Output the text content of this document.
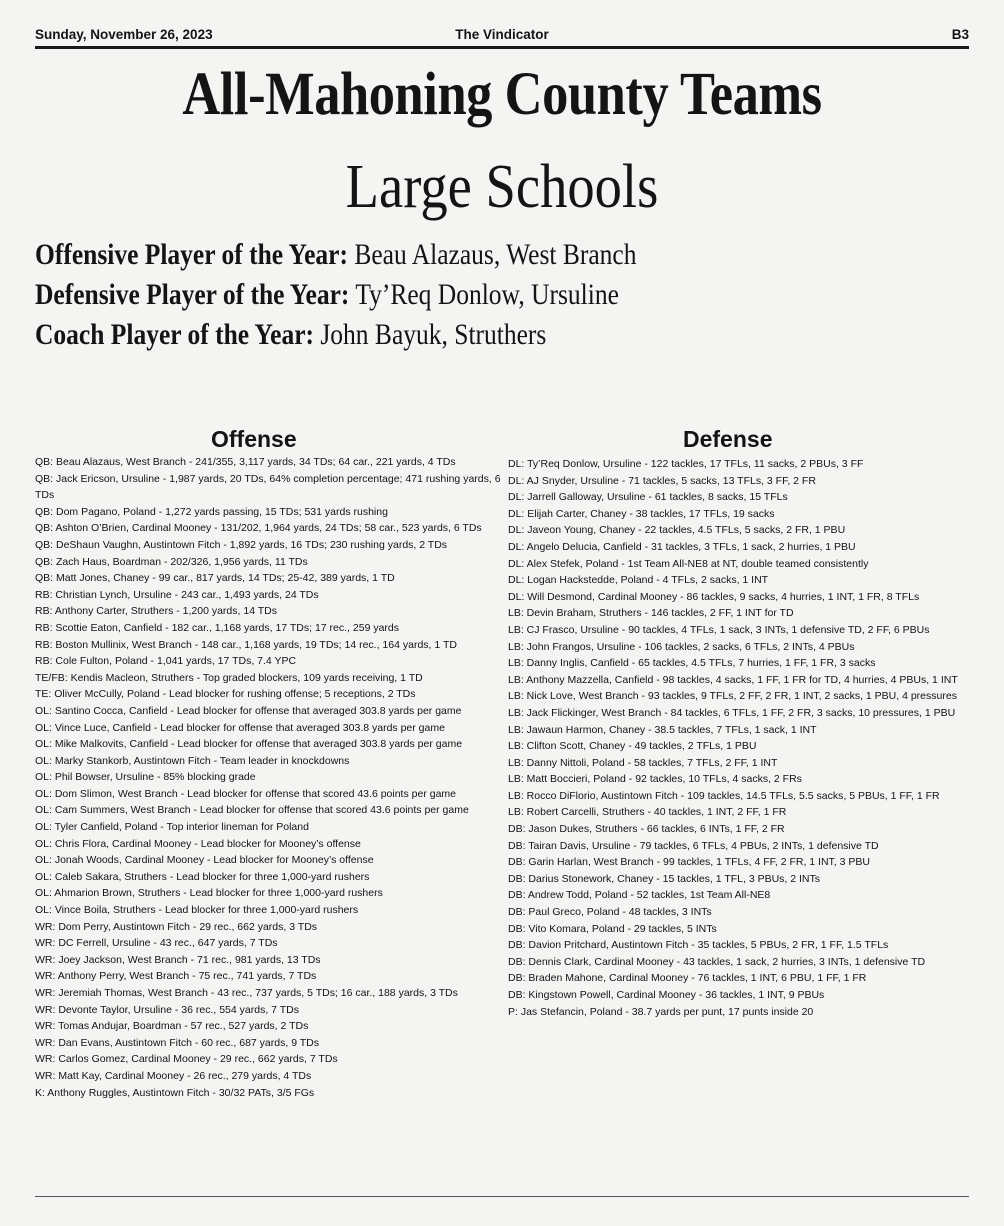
Sunday, November 26, 2023	The Vindicator	B3
All-Mahoning County Teams
Large Schools
Offensive Player of the Year: Beau Alazaus, West Branch
Defensive Player of the Year: Ty’Req Donlow, Ursuline
Coach Player of the Year: John Bayuk, Struthers
Offense
QB: Beau Alazaus, West Branch - 241/355, 3,117 yards, 34 TDs; 64 car., 221 yards, 4 TDs
QB: Jack Ericson, Ursuline - 1,987 yards, 20 TDs, 64% completion percentage; 471 rushing yards, 6 TDs
QB: Dom Pagano, Poland - 1,272 yards passing, 15 TDs; 531 yards rushing
QB: Ashton O’Brien, Cardinal Mooney - 131/202, 1,964 yards, 24 TDs; 58 car., 523 yards, 6 TDs
QB: DeShaun Vaughn, Austintown Fitch - 1,892 yards, 16 TDs; 230 rushing yards, 2 TDs
QB: Zach Haus, Boardman - 202/326, 1,956 yards, 11 TDs
QB: Matt Jones, Chaney - 99 car., 817 yards, 14 TDs; 25-42, 389 yards, 1 TD
RB: Christian Lynch, Ursuline - 243 car., 1,493 yards, 24 TDs
RB: Anthony Carter, Struthers - 1,200 yards, 14 TDs
RB: Scottie Eaton, Canfield - 182 car., 1,168 yards, 17 TDs; 17 rec., 259 yards
RB: Boston Mullinix, West Branch - 148 car., 1,168 yards, 19 TDs; 14 rec., 164 yards, 1 TD
RB: Cole Fulton, Poland - 1,041 yards, 17 TDs, 7.4 YPC
TE/FB: Kendis Macleon, Struthers - Top graded blockers, 109 yards receiving, 1 TD
TE: Oliver McCully, Poland - Lead blocker for rushing offense; 5 receptions, 2 TDs
OL: Santino Cocca, Canfield - Lead blocker for offense that averaged 303.8 yards per game
OL: Vince Luce, Canfield - Lead blocker for offense that averaged 303.8 yards per game
OL: Mike Malkovits, Canfield - Lead blocker for offense that averaged 303.8 yards per game
OL: Marky Stankorb, Austintown Fitch - Team leader in knockdowns
OL: Phil Bowser, Ursuline - 85% blocking grade
OL: Dom Slimon, West Branch - Lead blocker for offense that scored 43.6 points per game
OL: Cam Summers, West Branch - Lead blocker for offense that scored 43.6 points per game
OL: Tyler Canfield, Poland - Top interior lineman for Poland
OL: Chris Flora, Cardinal Mooney - Lead blocker for Mooney’s offense
OL: Jonah Woods, Cardinal Mooney - Lead blocker for Mooney’s offense
OL: Caleb Sakara, Struthers - Lead blocker for three 1,000-yard rushers
OL: Ahmarion Brown, Struthers - Lead blocker for three 1,000-yard rushers
OL: Vince Boila, Struthers - Lead blocker for three 1,000-yard rushers
WR: Dom Perry, Austintown Fitch - 29 rec., 662 yards, 3 TDs
WR: DC Ferrell, Ursuline - 43 rec., 647 yards, 7 TDs
WR: Joey Jackson, West Branch - 71 rec., 981 yards, 13 TDs
WR: Anthony Perry, West Branch - 75 rec., 741 yards, 7 TDs
WR: Jeremiah Thomas, West Branch - 43 rec., 737 yards, 5 TDs; 16 car., 188 yards, 3 TDs
WR: Devonte Taylor, Ursuline - 36 rec., 554 yards, 7 TDs
WR: Tomas Andujar, Boardman - 57 rec., 527 yards, 2 TDs
WR: Dan Evans, Austintown Fitch - 60 rec., 687 yards, 9 TDs
WR: Carlos Gomez, Cardinal Mooney - 29 rec., 662 yards, 7 TDs
WR: Matt Kay, Cardinal Mooney - 26 rec., 279 yards, 4 TDs
K: Anthony Ruggles, Austintown Fitch - 30/32 PATs, 3/5 FGs
Defense
DL: Ty’Req Donlow, Ursuline - 122 tackles, 17 TFLs, 11 sacks, 2 PBUs, 3 FF
DL: AJ Snyder, Ursuline - 71 tackles, 5 sacks, 13 TFLs, 3 FF, 2 FR
DL: Jarrell Galloway, Ursuline - 61 tackles, 8 sacks, 15 TFLs
DL: Elijah Carter, Chaney - 38 tackles, 17 TFLs, 19 sacks
DL: Javeon Young, Chaney - 22 tackles, 4.5 TFLs, 5 sacks, 2 FR, 1 PBU
DL: Angelo Delucia, Canfield - 31 tackles, 3 TFLs, 1 sack, 2 hurries, 1 PBU
DL: Alex Stefek, Poland - 1st Team All-NE8 at NT, double teamed consistently
DL: Logan Hackstedde, Poland - 4 TFLs, 2 sacks, 1 INT
DL: Will Desmond, Cardinal Mooney - 86 tackles, 9 sacks, 4 hurries, 1 INT, 1 FR, 8 TFLs
LB: Devin Braham, Struthers - 146 tackles, 2 FF, 1 INT for TD
LB: CJ Frasco, Ursuline - 90 tackles, 4 TFLs, 1 sack, 3 INTs, 1 defensive TD, 2 FF, 6 PBUs
LB: John Frangos, Ursuline - 106 tackles, 2 sacks, 6 TFLs, 2 INTs, 4 PBUs
LB: Danny Inglis, Canfield - 65 tackles, 4.5 TFLs, 7 hurries, 1 FF, 1 FR, 3 sacks
LB: Anthony Mazzella, Canfield - 98 tackles, 4 sacks, 1 FF, 1 FR for TD, 4 hurries, 4 PBUs, 1 INT
LB: Nick Love, West Branch - 93 tackles, 9 TFLs, 2 FF, 2 FR, 1 INT, 2 sacks, 1 PBU, 4 pressures
LB: Jack Flickinger, West Branch - 84 tackles, 6 TFLs, 1 FF, 2 FR, 3 sacks, 10 pressures, 1 PBU
LB: Jawaun Harmon, Chaney - 38.5 tackles, 7 TFLs, 1 sack, 1 INT
LB: Clifton Scott, Chaney - 49 tackles, 2 TFLs, 1 PBU
LB: Danny Nittoli, Poland - 58 tackles, 7 TFLs, 2 FF, 1 INT
LB: Matt Boccieri, Poland - 92 tackles, 10 TFLs, 4 sacks, 2 FRs
LB: Rocco DiFlorio, Austintown Fitch - 109 tackles, 14.5 TFLs, 5.5 sacks, 5 PBUs, 1 FF, 1 FR
LB: Robert Carcelli, Struthers - 40 tackles, 1 INT, 2 FF, 1 FR
DB: Jason Dukes, Struthers - 66 tackles, 6 INTs, 1 FF, 2 FR
DB: Tairan Davis, Ursuline - 79 tackles, 6 TFLs, 4 PBUs, 2 INTs, 1 defensive TD
DB: Garin Harlan, West Branch - 99 tackles, 1 TFLs, 4 FF, 2 FR, 1 INT, 3 PBU
DB: Darius Stonework, Chaney - 15 tackles, 1 TFL, 3 PBUs, 2 INTs
DB: Andrew Todd, Poland - 52 tackles, 1st Team All-NE8
DB: Paul Greco, Poland - 48 tackles, 3 INTs
DB: Vito Komara, Poland - 29 tackles, 5 INTs
DB: Davion Pritchard, Austintown Fitch - 35 tackles, 5 PBUs, 2 FR, 1 FF, 1.5 TFLs
DB: Dennis Clark, Cardinal Mooney - 43 tackles, 1 sack, 2 hurries, 3 INTs, 1 defensive TD
DB: Braden Mahone, Cardinal Mooney - 76 tackles, 1 INT, 6 PBU, 1 FF, 1 FR
DB: Kingstown Powell, Cardinal Mooney - 36 tackles, 1 INT, 9 PBUs
P: Jas Stefancin, Poland - 38.7 yards per punt, 17 punts inside 20
